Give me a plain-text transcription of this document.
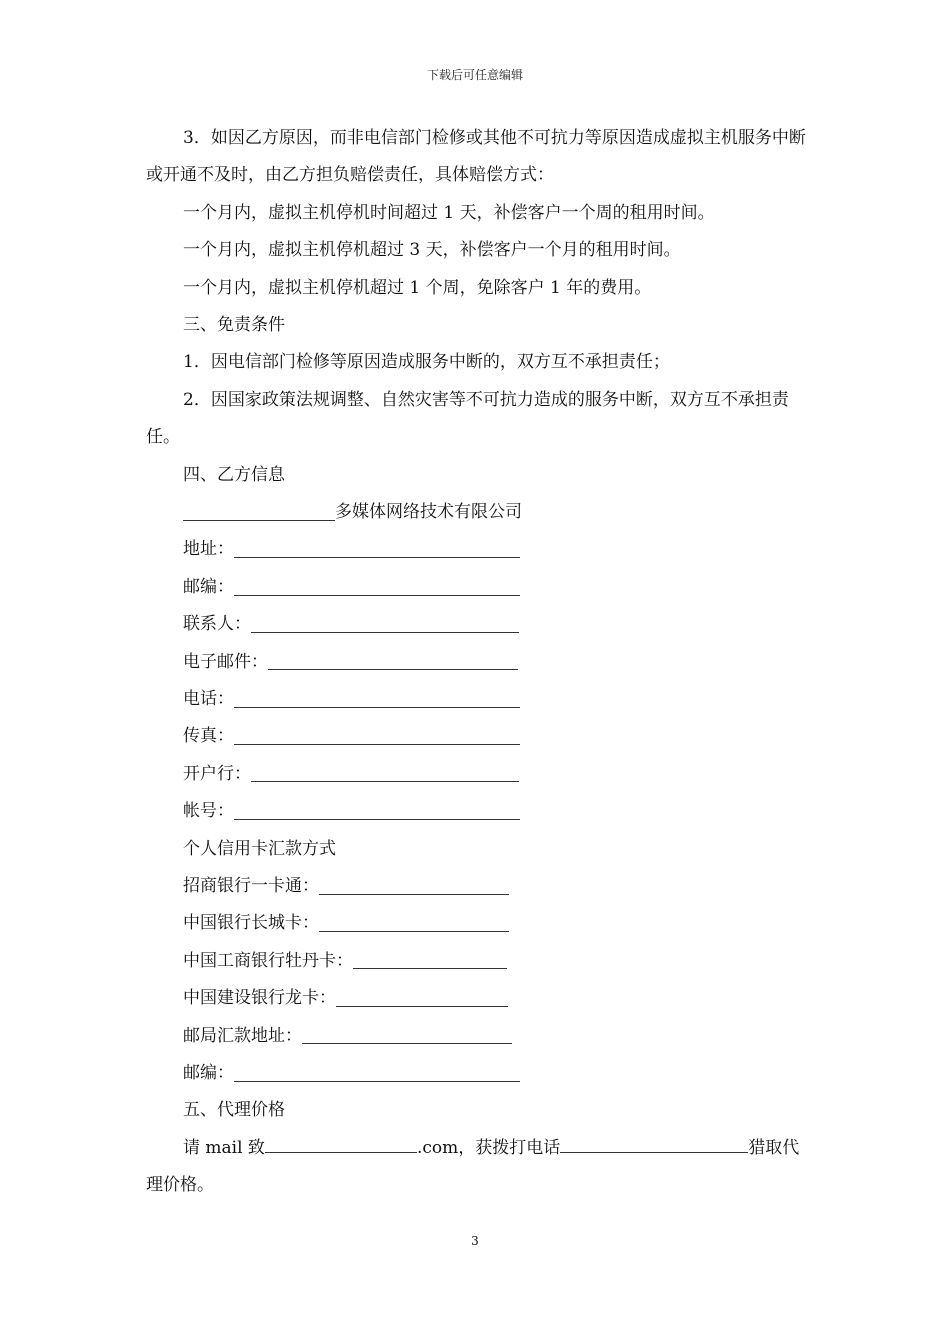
下载后可任意编辑

3．如因乙方原因，而非电信部门检修或其他不可抗力等原因造成虚拟主机服务中断或开通不及时，由乙方担负赔偿责任，具体赔偿方式：

一个月内，虚拟主机停机时间超过 1 天，补偿客户一个周的租用时间。

一个月内，虚拟主机停机超过 3 天，补偿客户一个月的租用时间。

一个月内，虚拟主机停机超过 1 个周，免除客户 1 年的费用。

三、免责条件

1．因电信部门检修等原因造成服务中断的，双方互不承担责任；

2．因国家政策法规调整、自然灾害等不可抗力造成的服务中断，双方互不承担责任。

四、乙方信息

多媒体网络技术有限公司
地址：
邮编：
联系人：
电子邮件：
电话：
传真：
开户行：
帐号：

个人信用卡汇款方式

招商银行一卡通：
中国银行长城卡：
中国工商银行牡丹卡：
中国建设银行龙卡：
邮局汇款地址：
邮编：

五、代理价格

请 mail 致	.com，获拨打电话	猎取代理价格。

3
